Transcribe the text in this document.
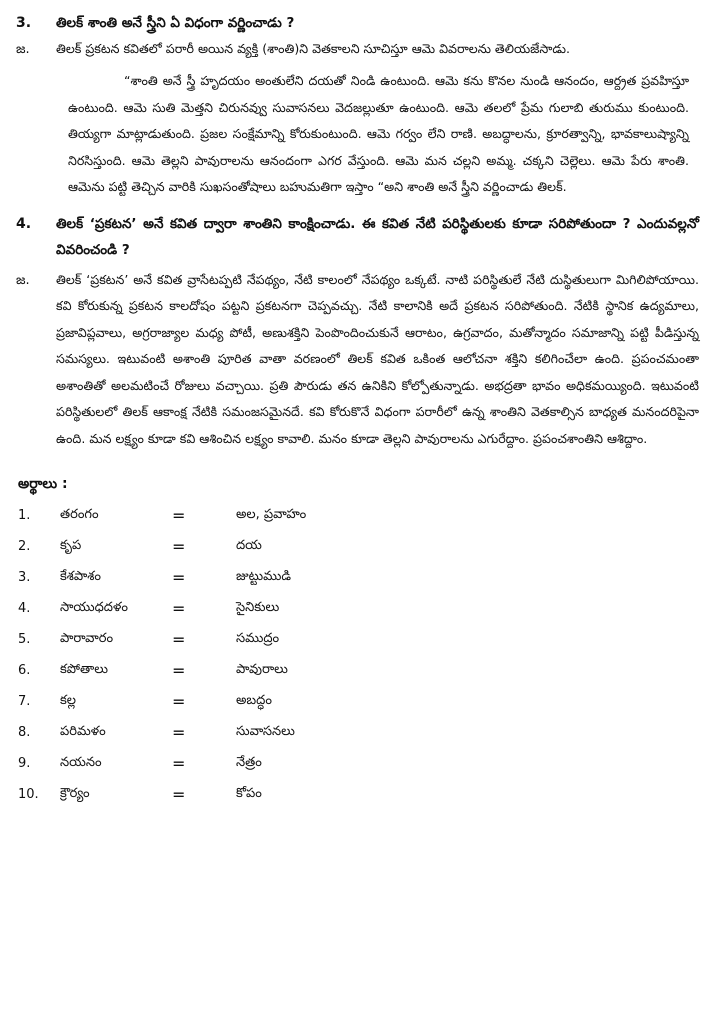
3.	తిలక్ శాంతి అనే స్త్రీని ఏ విధంగా వర్ణించాడు ?
జ.	తిలక్ ప్రకటన కవితలో పరారీ అయిన వ్యక్తి (శాంతి)ని వెతకాలని సూచిస్తూ ఆమె వివరాలను తెలియజేసాడు.
“శాంతి అనే స్త్రీ హృదయం అంతులేని దయతో నిండి ఉంటుంది. ఆమె కను కొనల నుండి ఆనందం, ఆర్ద్రత ప్రవహిస్తూ ఉంటుంది. ఆమె సుతి మెత్తని చిరునవ్వు సువాసనలు వెదజల్లుతూ ఉంటుంది. ఆమె తలలో ప్రేమ గులాబి తురుము కుంటుంది. తియ్యగా మాట్లాడుతుంది. ప్రజల సంక్షేమాన్ని కోరుకుంటుంది. ఆమె గర్వం లేని రాణి. అబద్ధాలను, క్రూరత్వాన్ని, భావకాలుష్యాన్ని నిరసిస్తుంది. ఆమె తెల్లని పావురాలను ఆనందంగా ఎగర వేస్తుంది. ఆమె మన చల్లని అమ్మ. చక్కని చెల్లెలు. ఆమె పేరు శాంతి. ఆమెను పట్టి తెచ్చిన వారికి సుఖసంతోషాలు బహుమతిగా ఇస్తాం “అని శాంతి అనే స్త్రీని వర్ణించాడు తిలక్.
4.	తిలక్ ‘ప్రకటన’ అనే కవిత ద్వారా శాంతిని కాంక్షించాడు. ఈ కవిత నేటి పరిస్థితులకు కూడా సరిపోతుందా ? ఎందువల్లనో వివరించండి ?
జ.	తిలక్ ‘ప్రకటన’ అనే కవిత వ్రాసేటప్పటి నేపథ్యం, నేటి కాలంలో నేపథ్యం ఒక్కటే. నాటి పరిస్థితులే నేటి దుస్థితులుగా మిగిలిపోయాయి. కవి కోరుకున్న ప్రకటన కాలదోషం పట్టని ప్రకటనగా చెప్పవచ్చు. నేటి కాలానికి అదే ప్రకటన సరిపోతుంది. నేటికి స్థానిక ఉద్యమాలు, ప్రజావిప్లవాలు, అగ్రరాజ్యాల మధ్య పోటీ, అణుశక్తిని పెంపొందించుకునే ఆరాటం, ఉగ్రవాదం, మతోన్మాదం సమాజాన్ని పట్టి పీడిస్తున్న సమస్యలు. ఇటువంటి అశాంతి పూరిత వాతా వరణంలో తిలక్ కవిత ఒకింత ఆలోచనా శక్తిని కలిగించేలా ఉంది. ప్రపంచమంతా అశాంతితో అలమటించే రోజులు వచ్చాయి. ప్రతి పౌరుడు తన ఉనికిని కోల్పోతున్నాడు. అభద్రతా భావం అధికమయ్యింది. ఇటువంటి పరిస్థితులలో తిలక్ ఆకాంక్ష నేటికి సమంజసమైనదే. కవి కోరుకొనే విధంగా పరారీలో ఉన్న శాంతిని వెతకాల్సిన బాధ్యత మనందరిపైనా ఉంది. మన లక్ష్యం కూడా కవి ఆశించిన లక్ష్యం కావాలి. మనం కూడా తెల్లని పావురాలను ఎగురేద్దాం. ప్రపంచశాంతిని ఆశిద్దాం.
అర్థాలు :
1.	తరంగం	=	అల, ప్రవాహం
2.	కృప	=	దయ
3.	కేశపాశం	=	జుట్టుముడి
4.	సాయుధదళం	=	సైనికులు
5.	పారావారం	=	సముద్రం
6.	కపోతాలు	=	పావురాలు
7.	కల్ల	=	అబద్ధం
8.	పరిమళం	=	సువాసనలు
9.	నయనం	=	నేత్రం
10.	క్రౌర్యం	=	కోపం
